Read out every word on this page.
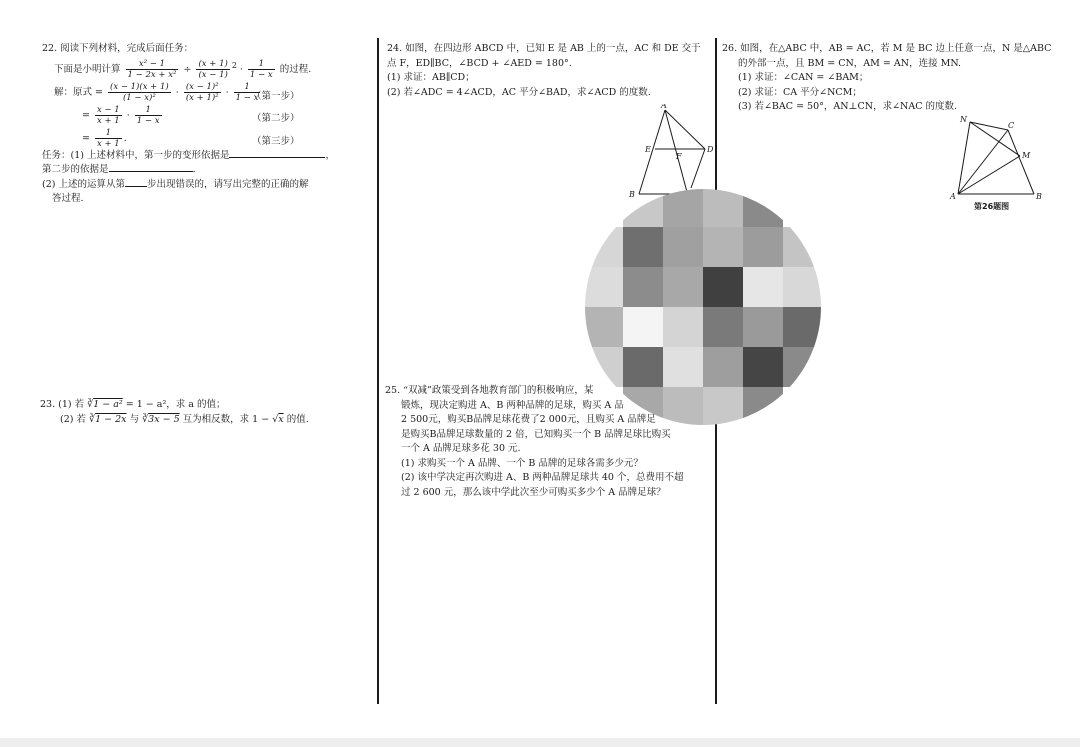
22. 阅读下列材料，完成后面任务：
下面是小明计算 $\frac{\text{x² − 1}}{\text{1 − 2x + x²}} \div \frac{(x + 1)}{(x - 1)} ^2 \cdot \frac{1}{1 - x}$ 的过程.
解：原式 = $\frac{(x - 1)(x + 1)}{\text{(1 − x)²}} \cdot \frac{\text{(x − 1)²}}{\text{(x + 1)²}} \cdot \frac{1}{1 - x}$
（第一步）
= $\frac{x - 1}{x + 1} \cdot \frac{1}{1 - x}$	（第二步）
= $\frac{1}{x + 1}$ .	（第三步）
任务：(1) 上述材料中，第一步的变形依据是	，
第二步的依据是	.
(2) 上述的运算从第 步出现错误的，请写出完整的正确的解
答过程.
23. (1) 若 ∛1 − a² = 1 − a²，求 a 的值；
(2) 若 ∛1 − 2x 与 ∛3x − 5 互为相反数，求 1 − √x 的值.
24. 如图，在四边形 ABCD 中，已知 E 是 AB 上的一点，AC 和 DE 交于
点 F，ED∥BC，∠BCD + ∠AED = 180°.
(1) 求证：AB∥CD；
(2) 若∠ADC = 4∠ACD，AC 平分∠BAD，求∠ACD 的度数.
A
E
F
D
B
25. “双减”政策受到各地教育部门的积极响应，某
锻炼，现决定购进 A、B 两种品牌的足球，购买 A 品
2 500元，购买B品牌足球花费了2 000元，且购买 A 品牌足
是购买B品牌足球数量的 2 倍，已知购买一个 B 品牌足球比购买
一个 A 品牌足球多花 30 元.
(1) 求购买一个 A 品牌、一个 B 品牌的足球各需多少元？
(2) 该中学决定再次购进 A、B 两种品牌足球共 40 个，总费用不超
过 2 600 元，那么该中学此次至少可购买多少个 A 品牌足球？
26. 如图，在△ABC 中，AB = AC，若 M 是 BC 边上任意一点，N 是△ABC
的外部一点，且 BM = CN，AM = AN，连接 MN.
(1) 求证：∠CAN = ∠BAM；
(2) 求证：CA 平分∠NCM；
(3) 若∠BAC = 50°，AN⊥CN，求∠NAC 的度数.
N
C
M
A	B
第26题图
